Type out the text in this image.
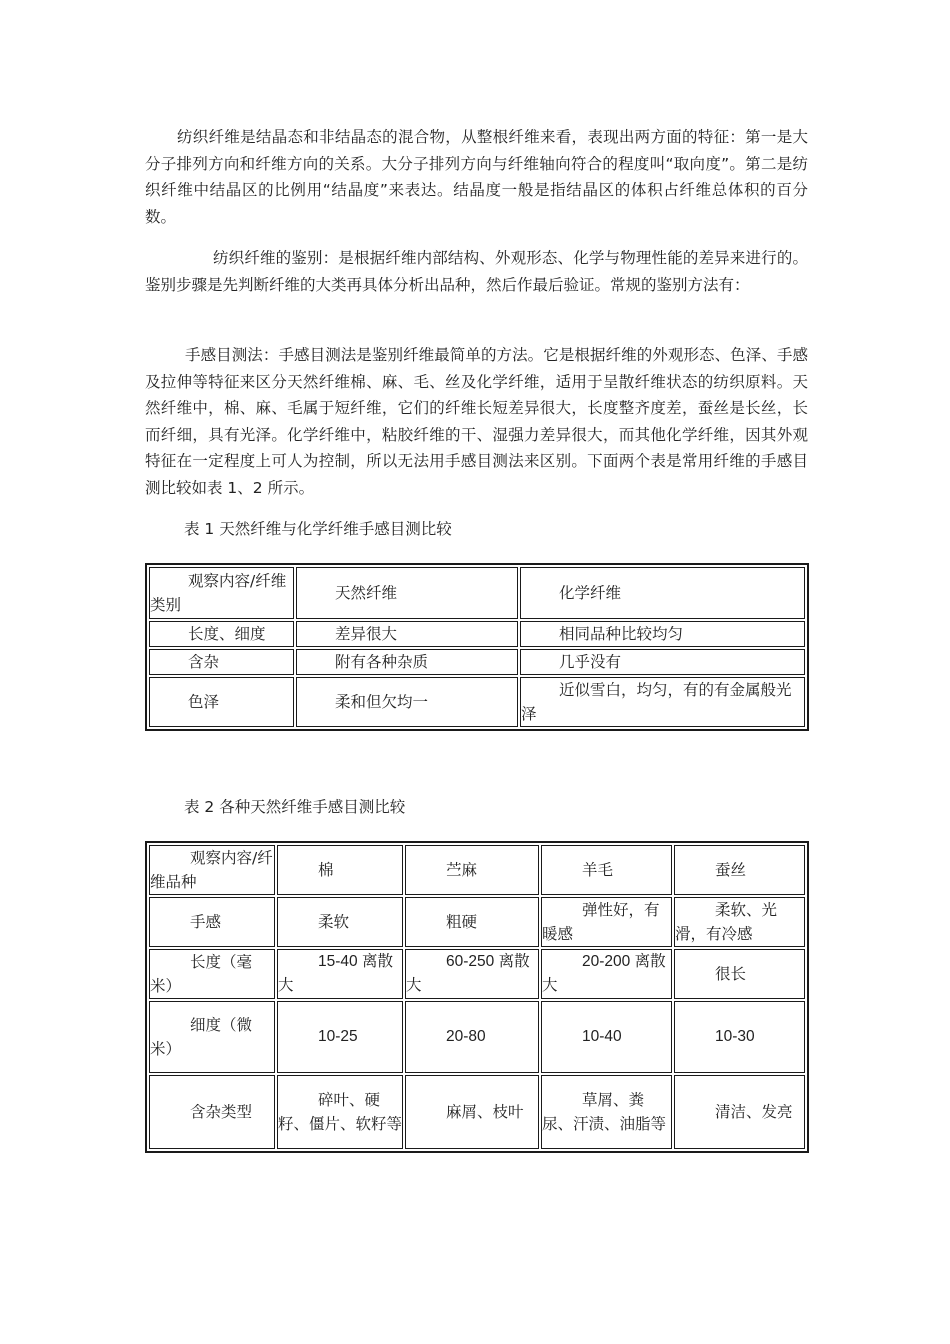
纺织纤维是结晶态和非结晶态的混合物，从整根纤维来看，表现出两方面的特征：第一是大分子排列方向和纤维方向的关系。大分子排列方向与纤维轴向符合的程度叫“取向度”。第二是纺织纤维中结晶区的比例用“结晶度”来表达。结晶度一般是指结晶区的体积占纤维总体积的百分数。

纺织纤维的鉴别：是根据纤维内部结构、外观形态、化学与物理性能的差异来进行的。鉴别步骤是先判断纤维的大类再具体分析出品种，然后作最后验证。常规的鉴别方法有：

手感目测法：手感目测法是鉴别纤维最简单的方法。它是根据纤维的外观形态、色泽、手感及拉伸等特征来区分天然纤维棉、麻、毛、丝及化学纤维，适用于呈散纤维状态的纺织原料。天然纤维中，棉、麻、毛属于短纤维，它们的纤维长短差异很大，长度整齐度差，蚕丝是长丝，长而纤细，具有光泽。化学纤维中，粘胶纤维的干、湿强力差异很大，而其他化学纤维，因其外观特征在一定程度上可人为控制，所以无法用手感目测法来区别。下面两个表是常用纤维的手感目测比较如表 1、2 所示。

表 1 天然纤维与化学纤维手感目测比较

观察内容/纤维类别	天然纤维	化学纤维
长度、细度	差异很大	相同品种比较均匀
含杂	附有各种杂质	几乎没有
色泽	柔和但欠均一	近似雪白，均匀，有的有金属般光泽

表 2 各种天然纤维手感目测比较

观察内容/纤维品种	棉	苎麻	羊毛	蚕丝
手感	柔软	粗硬	弹性好，有暖感	柔软、光滑，有冷感
长度（毫米）	15-40 离散大	60-250 离散大	20-200 离散大	很长
细度（微米）	10-25	20-80	10-40	10-30
含杂类型	碎叶、硬籽、僵片、软籽等	麻屑、枝叶	草屑、粪尿、汗渍、油脂等	清洁、发亮
